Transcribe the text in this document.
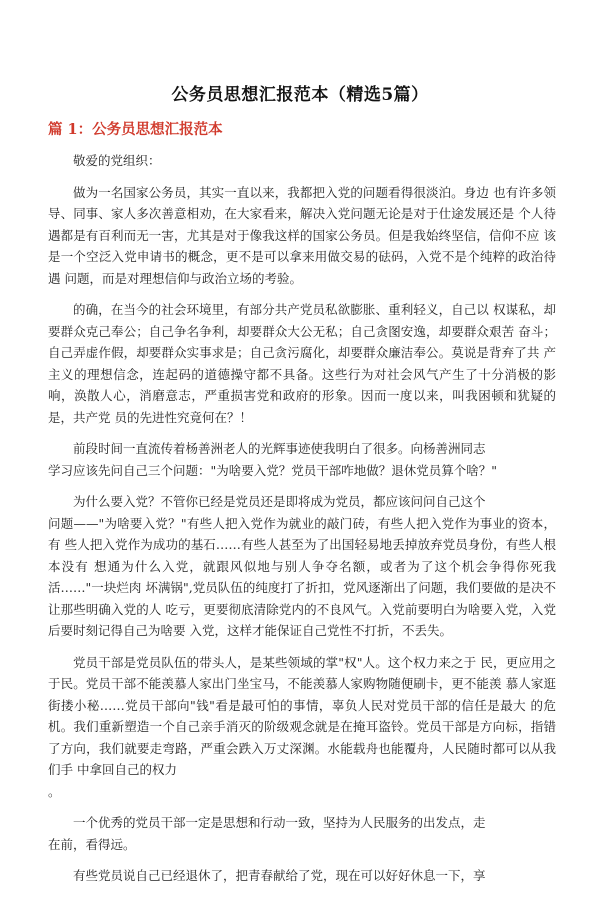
公务员思想汇报范本（精选5篇）
篇 1：公务员思想汇报范本

敬爱的党组织：

做为一名国家公务员，其实一直以来，我都把入党的问题看得很淡泊。身边 也有许多领导、同事、家人多次善意相劝，在大家看来，解决入党问题无论是对于仕途发展还是 个人待遇都是有百利而无一害，尤其是对于像我这样的国家公务员。但是我始终坚信，信仰不应 该是一个空泛入党申请书的概念，更不是可以拿来用做交易的砝码，入党不是个纯粹的政治待遇 问题，而是对理想信仰与政治立场的考验。

的确，在当今的社会环境里，有部分共产党员私欲膨胀、重利轻义，自己以 权谋私，却要群众克己奉公；自己争名争利，却要群众大公无私；自己贪图安逸，却要群众艰苦 奋斗；自己弄虚作假，却要群众实事求是；自己贪污腐化，却要群众廉洁奉公。莫说是背弃了共 产主义的理想信念，连起码的道德操守都不具备。这些行为对社会风气产生了十分消极的影响，涣散人心，消磨意志，严重损害党和政府的形象。因而一度以来，叫我困顿和犹疑的是，共产党 员的先进性究竟何在？！

前段时间一直流传着杨善洲老人的光辉事迹使我明白了很多。向杨善洲同志

学习应该先问自己三个问题："为啥要入党？党员干部咋地做？退休党员算个啥？"

为什么要入党？不管你已经是党员还是即将成为党员，都应该问问自己这个

问题——"为啥要入党？"有些人把入党作为就业的敲门砖，有些人把入党作为事业的资本，有 些人把入党作为成功的基石……有些人甚至为了出国轻易地丢掉放弃党员身份，有些人根本没有 想通为什么入党，就跟风似地与别人争夺名额，或者为了这个机会争得你死我活……"一块烂肉 坏满锅",党员队伍的纯度打了折扣，党风逐渐出了问题，我们要做的是决不让那些明确入党的人 吃亏，更要彻底清除党内的不良风气。入党前要明白为啥要入党，入党后要时刻记得自己为啥要 入党，这样才能保证自己党性不打折，不丢失。

党员干部是党员队伍的带头人，是某些领域的掌"权"人。这个权力来之于 民，更应用之于民。党员干部不能羡慕人家出门坐宝马，不能羡慕人家购物随便刷卡，更不能羡 慕人家逛街搂小秘……党员干部向"钱"看是最可怕的事情，辜负人民对党员干部的信任是最大 的危机。我们重新塑造一个自己亲手消灭的阶级观念就是在掩耳盗铃。党员干部是方向标，指错 了方向，我们就要走弯路，严重会跌入万丈深渊。水能载舟也能覆舟，人民随时都可以从我们手 中拿回自己的权力

。

一个优秀的党员干部一定是思想和行动一致，坚持为人民服务的出发点，走

在前，看得远。

有些党员说自己已经退休了，把青春献给了党，现在可以好好休息一下，享
